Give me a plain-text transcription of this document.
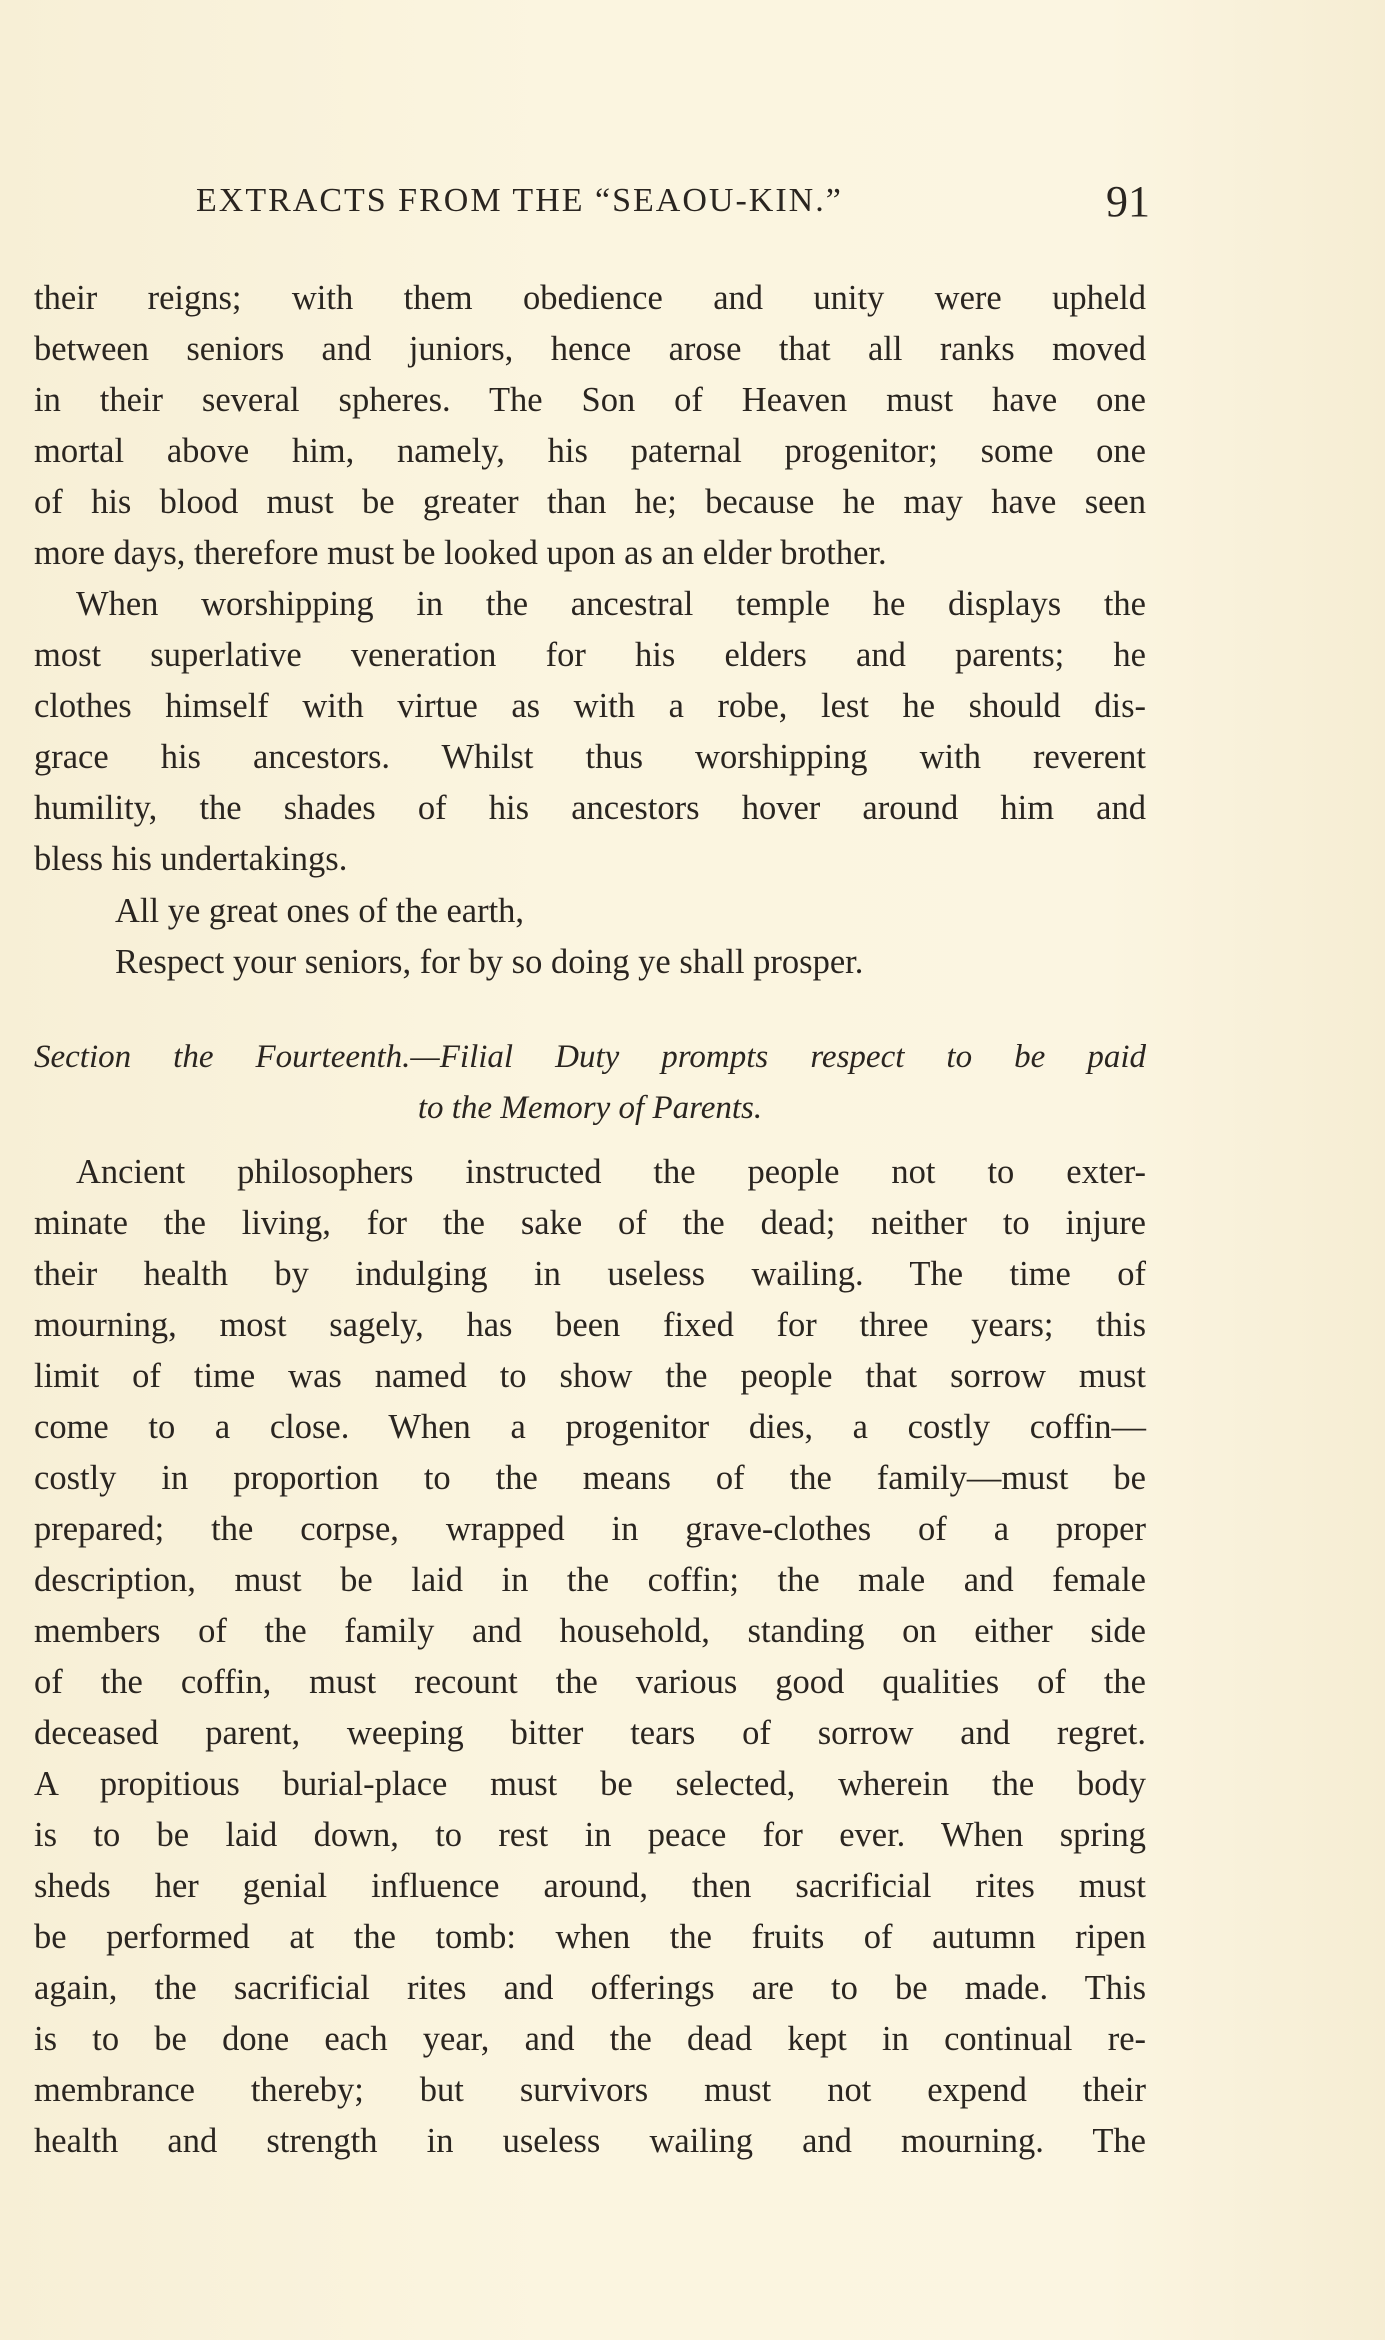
EXTRACTS FROM THE “SEAOU-KIN.”	91
their reigns; with them obedience and unity were upheld
between seniors and juniors, hence arose that all ranks moved
in their several spheres. The Son of Heaven must have one
mortal above him, namely, his paternal progenitor; some one
of his blood must be greater than he; because he may have seen
more days, therefore must be looked upon as an elder brother.
When worshipping in the ancestral temple he displays the
most superlative veneration for his elders and parents; he
clothes himself with virtue as with a robe, lest he should dis-
grace his ancestors. Whilst thus worshipping with reverent
humility, the shades of his ancestors hover around him and
bless his undertakings.
All ye great ones of the earth,
Respect your seniors, for by so doing ye shall prosper.
Section the Fourteenth.—Filial Duty prompts respect to be paid
to the Memory of Parents.
Ancient philosophers instructed the people not to exter-
minate the living, for the sake of the dead; neither to injure
their health by indulging in useless wailing. The time of
mourning, most sagely, has been fixed for three years; this
limit of time was named to show the people that sorrow must
come to a close. When a progenitor dies, a costly coffin—
costly in proportion to the means of the family—must be
prepared; the corpse, wrapped in grave-clothes of a proper
description, must be laid in the coffin; the male and female
members of the family and household, standing on either side
of the coffin, must recount the various good qualities of the
deceased parent, weeping bitter tears of sorrow and regret.
A propitious burial-place must be selected, wherein the body
is to be laid down, to rest in peace for ever. When spring
sheds her genial influence around, then sacrificial rites must
be performed at the tomb: when the fruits of autumn ripen
again, the sacrificial rites and offerings are to be made. This
is to be done each year, and the dead kept in continual re-
membrance thereby; but survivors must not expend their
health and strength in useless wailing and mourning. The
